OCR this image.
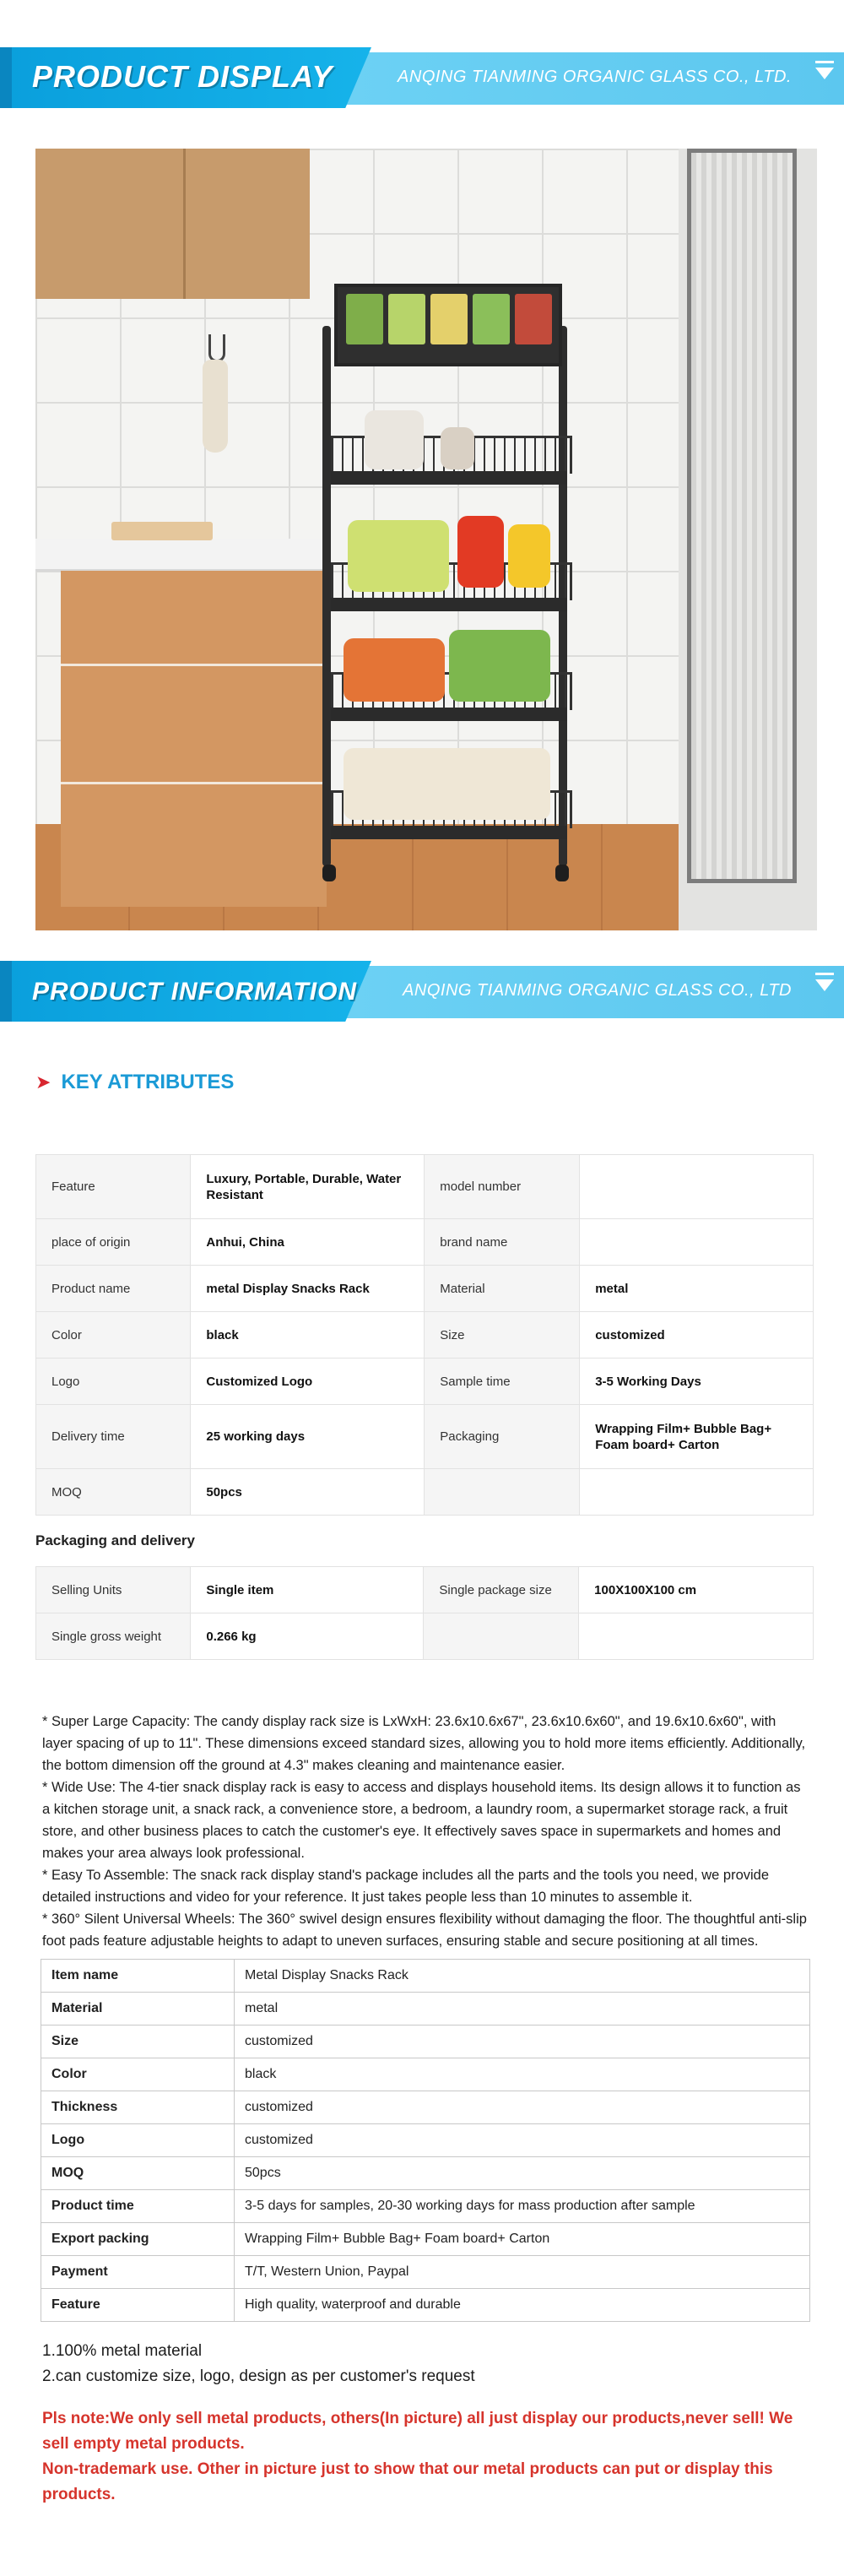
PRODUCT DISPLAY	ANQING TIANMING ORGANIC GLASS CO., LTD.
PRODUCT INFORMATION	ANQING TIANMING ORGANIC GLASS CO., LTD
➤ KEY ATTRIBUTES
Feature	Luxury, Portable, Durable, Water Resistant	model number	
place of origin	Anhui, China	brand name	
Product name	metal Display Snacks Rack	Material	metal
Color	black	Size	customized
Logo	Customized Logo	Sample time	3-5 Working Days
Delivery time	25 working days	Packaging	Wrapping Film+ Bubble Bag+ Foam board+ Carton
MOQ	50pcs		
Packaging and delivery
Selling Units	Single item	Single package size	100X100X100 cm
Single gross weight	0.266 kg		

* Super Large Capacity: The candy display rack size is LxWxH: 23.6x10.6x67", 23.6x10.6x60", and 19.6x10.6x60", with layer spacing of up to 11". These dimensions exceed standard sizes, allowing you to hold more items efficiently. Additionally, the bottom dimension off the ground at 4.3" makes cleaning and maintenance easier.

* Wide Use: The 4-tier snack display rack is easy to access and displays household items. Its design allows it to function as a kitchen storage unit, a snack rack, a convenience store, a bedroom, a laundry room, a supermarket storage rack, a fruit store, and other business places to catch the customer's eye. It effectively saves space in supermarkets and homes and makes your area always look professional.

* Easy To Assemble: The snack rack display stand's package includes all the parts and the tools you need, we provide detailed instructions and video for your reference. It just takes people less than 10 minutes to assemble it.

* 360° Silent Universal Wheels: The 360° swivel design ensures flexibility without damaging the floor. The thoughtful anti-slip foot pads feature adjustable heights to adapt to uneven surfaces, ensuring stable and secure positioning at all times.

Item name	Metal Display Snacks Rack
Material	metal
Size	customized
Color	black
Thickness	customized
Logo	customized
MOQ	50pcs
Product time	3-5 days for samples, 20-30 working days for mass production after sample
Export packing	Wrapping Film+ Bubble Bag+ Foam board+ Carton
Payment	T/T, Western Union, Paypal
Feature	High quality, waterproof and durable

1.100% metal material

2.can customize size, logo, design as per customer's request

Pls note:We only sell metal products, others(In picture) all just display our products,never sell! We sell empty metal products.

Non-trademark use. Other in picture just to show that our metal products can put or display this products.
